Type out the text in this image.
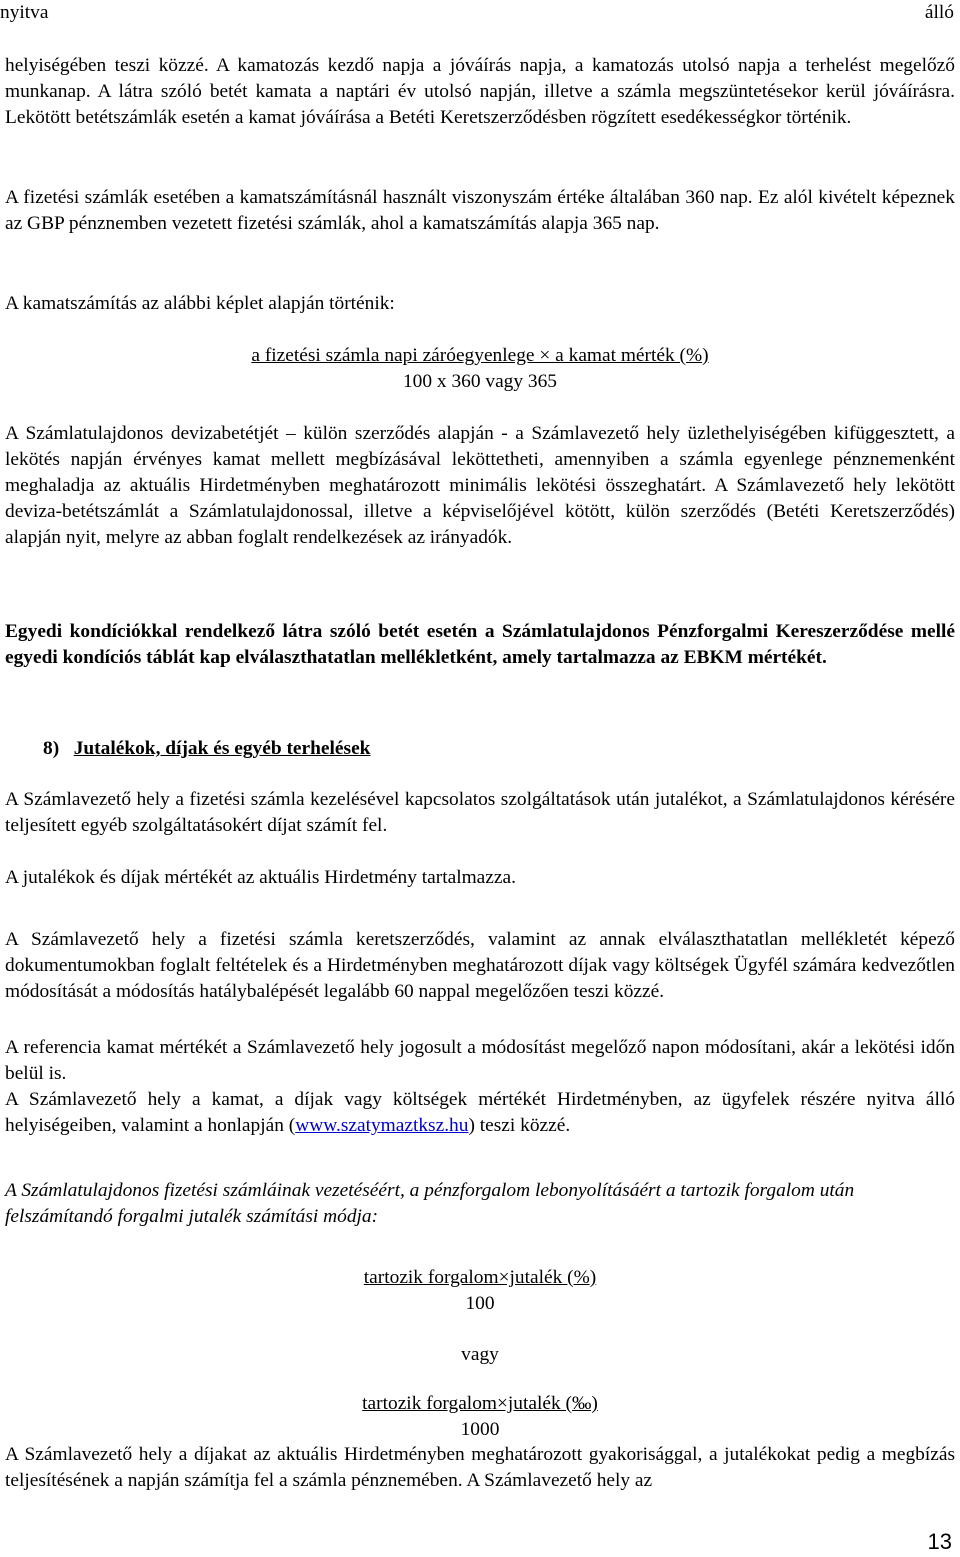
nyitva	álló

helyiségében teszi közzé. A kamatozás kezdő napja a jóváírás napja, a kamatozás utolsó napja a terhelést megelőző munkanap. A látra szóló betét kamata a naptári év utolsó napján, illetve a számla megszüntetésekor kerül jóváírásra. Lekötött betétszámlák esetén a kamat jóváírása a Betéti Keretszerződésben rögzített esedékességkor történik.

A fizetési számlák esetében a kamatszámításnál használt viszonyszám értéke általában 360 nap. Ez alól kivételt képeznek az GBP pénznemben vezetett fizetési számlák, ahol a kamatszámítás alapja 365 nap.

A kamatszámítás az alábbi képlet alapján történik:

a fizetési számla napi záróegyenlege × a kamat mérték (%)
100 x 360 vagy 365

A Számlatulajdonos devizabetétjét – külön szerződés alapján - a Számlavezető hely üzlethelyiségében kifüggesztett, a lekötés napján érvényes kamat mellett megbízásával leköttetheti, amennyiben a számla egyenlege pénznemenként meghaladja az aktuális Hirdetményben meghatározott minimális lekötési összeghatárt. A Számlavezető hely lekötött deviza-betétszámlát a Számlatulajdonossal, illetve a képviselőjével kötött, külön szerződés (Betéti Keretszerződés) alapján nyit, melyre az abban foglalt rendelkezések az irányadók.

Egyedi kondíciókkal rendelkező látra szóló betét esetén a Számlatulajdonos Pénzforgalmi Kereszerződése mellé egyedi kondíciós táblát kap elválaszthatatlan mellékletként, amely tartalmazza az EBKM mértékét.

8) Jutalékok, díjak és egyéb terhelések

A Számlavezető hely a fizetési számla kezelésével kapcsolatos szolgáltatások után jutalékot, a Számlatulajdonos kérésére teljesített egyéb szolgáltatásokért díjat számít fel.

A jutalékok és díjak mértékét az aktuális Hirdetmény tartalmazza.

A Számlavezető hely a fizetési számla keretszerződés, valamint az annak elválaszthatatlan mellékletét képező dokumentumokban foglalt feltételek és a Hirdetményben meghatározott díjak vagy költségek Ügyfél számára kedvezőtlen módosítását a módosítás hatálybalépését legalább 60 nappal megelőzően teszi közzé.

A referencia kamat mértékét a Számlavezető hely jogosult a módosítást megelőző napon módosítani, akár a lekötési időn belül is.

A Számlavezető hely a kamat, a díjak vagy költségek mértékét Hirdetményben, az ügyfelek részére nyitva álló helyiségeiben, valamint a honlapján (www.szatymaztksz.hu) teszi közzé.

A Számlatulajdonos fizetési számláinak vezetéséért, a pénzforgalom lebonyolításáért a tartozik forgalom után felszámítandó forgalmi jutalék számítási módja:

tartozik forgalom×jutalék (%)
100
vagy
tartozik forgalom×jutalék (‰)
1000

A Számlavezető hely a díjakat az aktuális Hirdetményben meghatározott gyakorisággal, a jutalékokat pedig a megbízás teljesítésének a napján számítja fel a számla pénznemében. A Számlavezető hely az

13
